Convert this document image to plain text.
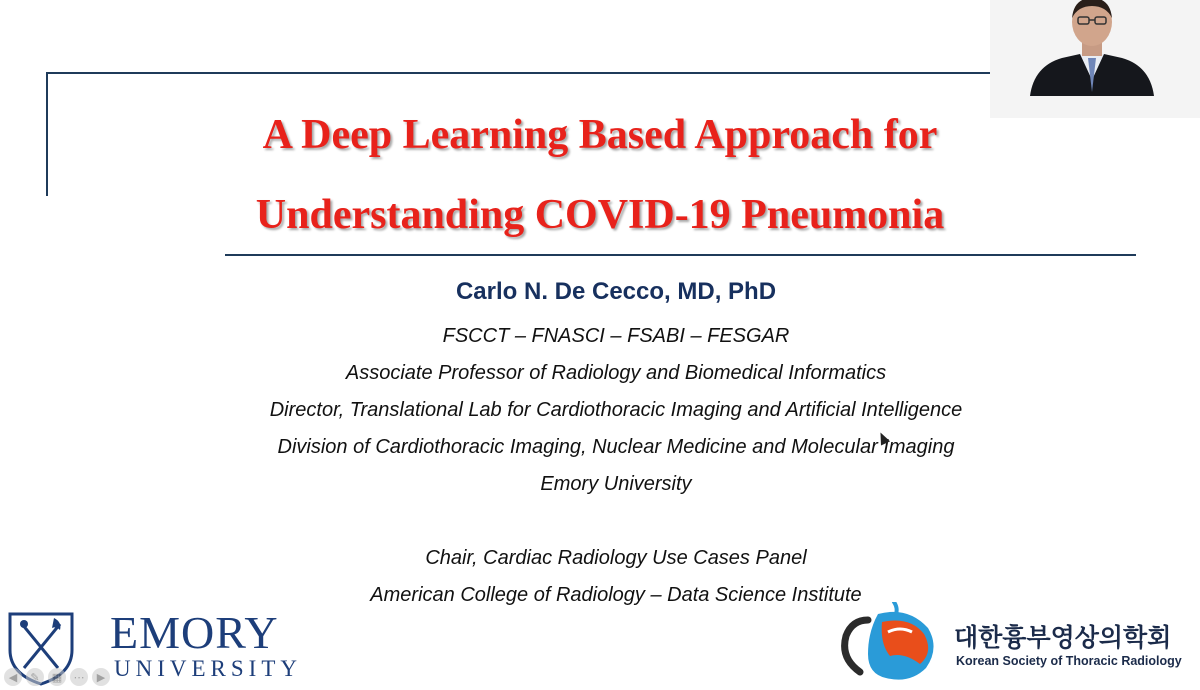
A Deep Learning Based Approach for
Understanding COVID-19 Pneumonia
Carlo N. De Cecco, MD, PhD
FSCCT – FNASCI – FSABI – FESGAR
Associate Professor of Radiology and Biomedical Informatics
Director, Translational Lab for Cardiothoracic Imaging and Artificial Intelligence
Division of Cardiothoracic Imaging, Nuclear Medicine and Molecular Imaging
Emory University
Chair, Cardiac Radiology Use Cases Panel
American College of Radiology – Data Science Institute
EMORY
UNIVERSITY
대한흉부영상의학회
Korean Society of Thoracic Radiology
◀	✎	▦	⋯	▶
